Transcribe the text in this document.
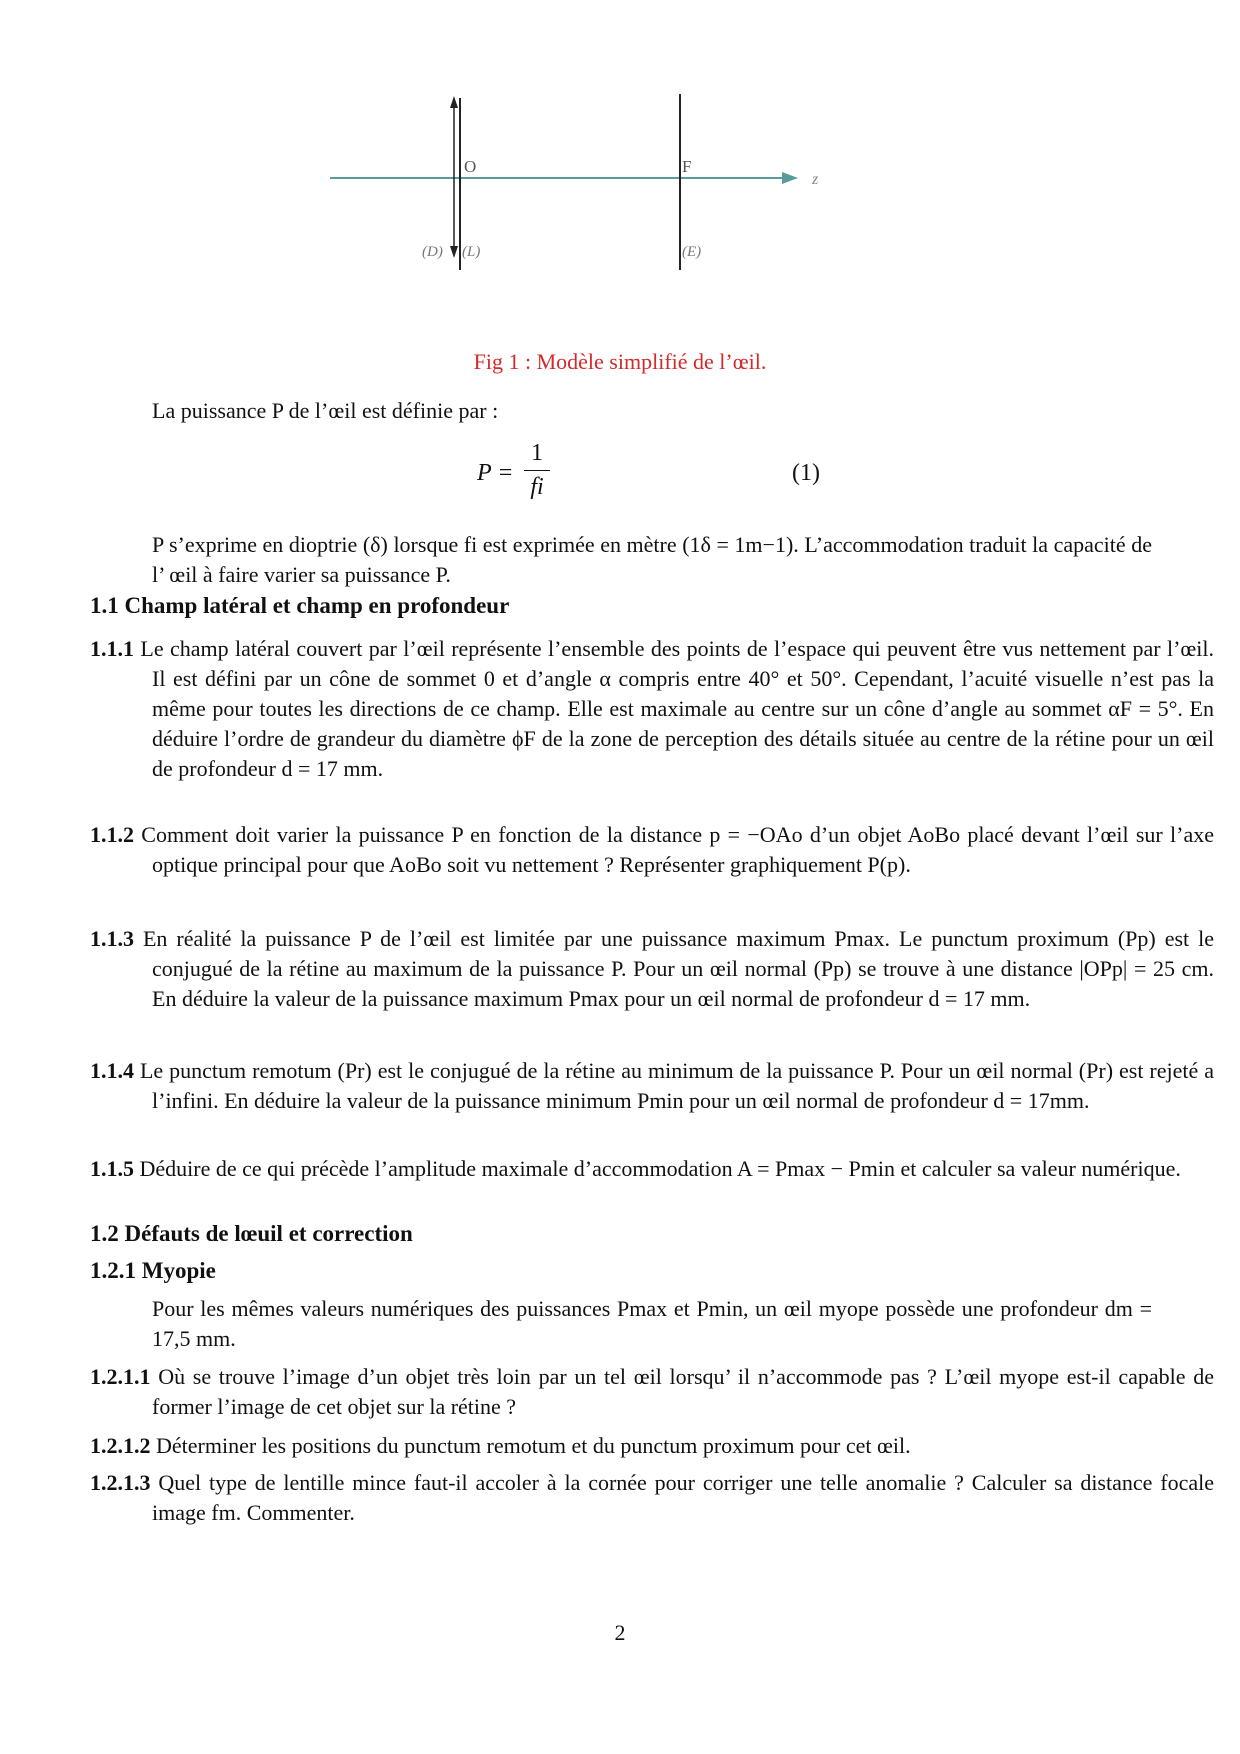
O	F
z
(D) (L)	(E)
Fig 1 : Modèle simplifié de l’œil.
La puissance P de l’œil est définie par :
P =
1
fi
(1)
P s’exprime en dioptrie (δ) lorsque fi est exprimée en mètre (1δ = 1m−1). L’accommodation traduit la capacité de l’ œil à faire varier sa puissance P.
1.1 Champ latéral et champ en profondeur
1.1.1 Le champ latéral couvert par l’œil représente l’ensemble des points de l’espace qui peuvent être vus nettement par l’œil. Il est défini par un cône de sommet 0 et d’angle α compris entre 40° et 50°. Cependant, l’acuité visuelle n’est pas la même pour toutes les directions de ce champ. Elle est maximale au centre sur un cône d’angle au sommet αF = 5°. En déduire l’ordre de grandeur du diamètre ϕF de la zone de perception des détails située au centre de la rétine pour un œil de profondeur d = 17 mm.
1.1.2 Comment doit varier la puissance P en fonction de la distance p = −OAo d’un objet AoBo placé devant l’œil sur l’axe optique principal pour que AoBo soit vu nettement ? Représenter graphiquement P(p).
1.1.3 En réalité la puissance P de l’œil est limitée par une puissance maximum Pmax. Le punctum proximum (Pp) est le conjugué de la rétine au maximum de la puissance P. Pour un œil normal (Pp) se trouve à une distance |OPp| = 25 cm. En déduire la valeur de la puissance maximum Pmax pour un œil normal de profondeur d = 17 mm.
1.1.4 Le punctum remotum (Pr) est le conjugué de la rétine au minimum de la puissance P. Pour un œil normal (Pr) est rejeté a l’infini. En déduire la valeur de la puissance minimum Pmin pour un œil normal de profondeur d = 17mm.
1.1.5 Déduire de ce qui précède l’amplitude maximale d’accommodation A = Pmax − Pmin et calculer sa valeur numérique.
1.2 Défauts de lœuil et correction
1.2.1 Myopie
Pour les mêmes valeurs numériques des puissances Pmax et Pmin, un œil myope possède une profondeur dm = 17,5 mm.
1.2.1.1 Où se trouve l’image d’un objet très loin par un tel œil lorsqu’ il n’accommode pas ? L’œil myope est-il capable de former l’image de cet objet sur la rétine ?
1.2.1.2 Déterminer les positions du punctum remotum et du punctum proximum pour cet œil.
1.2.1.3 Quel type de lentille mince faut-il accoler à la cornée pour corriger une telle anomalie ? Calculer sa distance focale image fm. Commenter.
2
